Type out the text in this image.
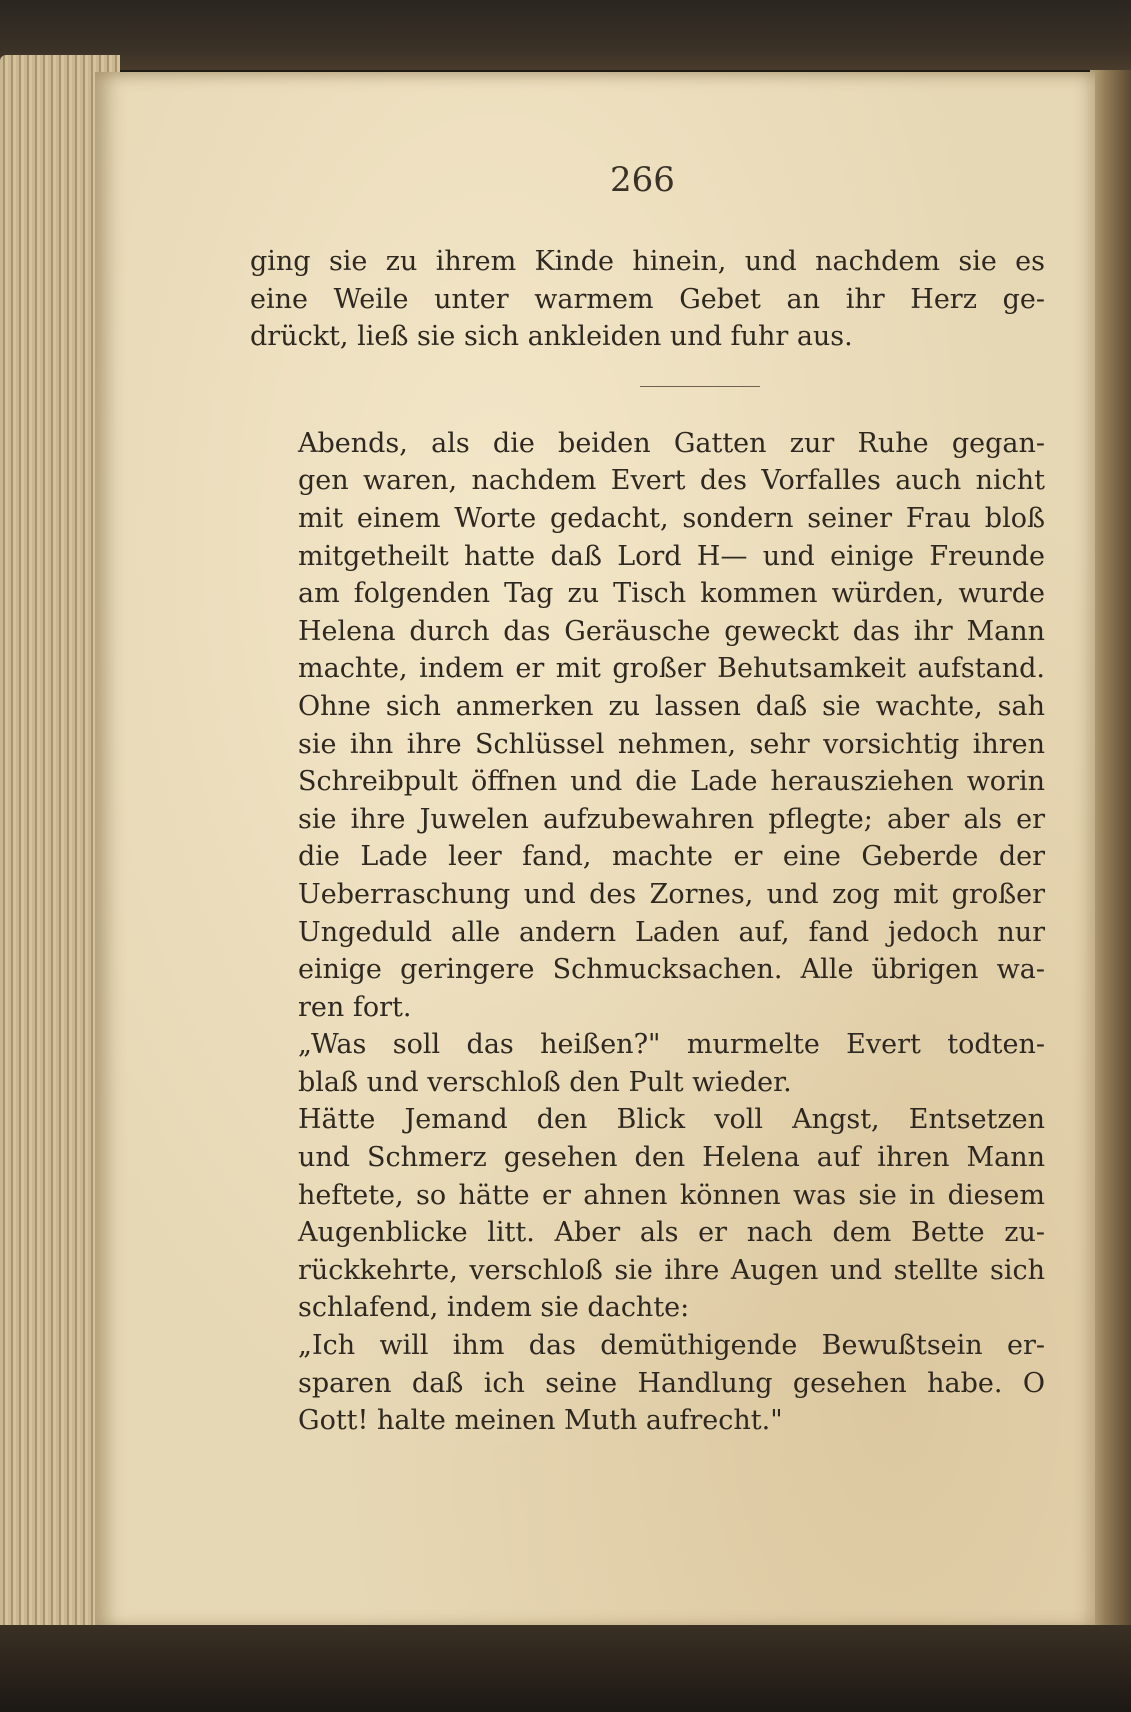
266

ging sie zu ihrem Kinde hinein, und nachdem sie es
eine Weile unter warmem Gebet an ihr Herz ge-
drückt, ließ sie sich ankleiden und fuhr aus.

Abends, als die beiden Gatten zur Ruhe gegan-
gen waren, nachdem Evert des Vorfalles auch nicht
mit einem Worte gedacht, sondern seiner Frau bloß
mitgetheilt hatte daß Lord H— und einige Freunde
am folgenden Tag zu Tisch kommen würden, wurde
Helena durch das Geräusche geweckt das ihr Mann
machte, indem er mit großer Behutsamkeit aufstand.
Ohne sich anmerken zu lassen daß sie wachte, sah
sie ihn ihre Schlüssel nehmen, sehr vorsichtig ihren
Schreibpult öffnen und die Lade herausziehen worin
sie ihre Juwelen aufzubewahren pflegte; aber als er
die Lade leer fand, machte er eine Geberde der
Ueberraschung und des Zornes, und zog mit großer
Ungeduld alle andern Laden auf, fand jedoch nur
einige geringere Schmucksachen. Alle übrigen wa-
ren fort.

„Was soll das heißen?" murmelte Evert todten-
blaß und verschloß den Pult wieder.

Hätte Jemand den Blick voll Angst, Entsetzen
und Schmerz gesehen den Helena auf ihren Mann
heftete, so hätte er ahnen können was sie in diesem
Augenblicke litt. Aber als er nach dem Bette zu-
rückkehrte, verschloß sie ihre Augen und stellte sich
schlafend, indem sie dachte:

„Ich will ihm das demüthigende Bewußtsein er-
sparen daß ich seine Handlung gesehen habe. O
Gott! halte meinen Muth aufrecht."
